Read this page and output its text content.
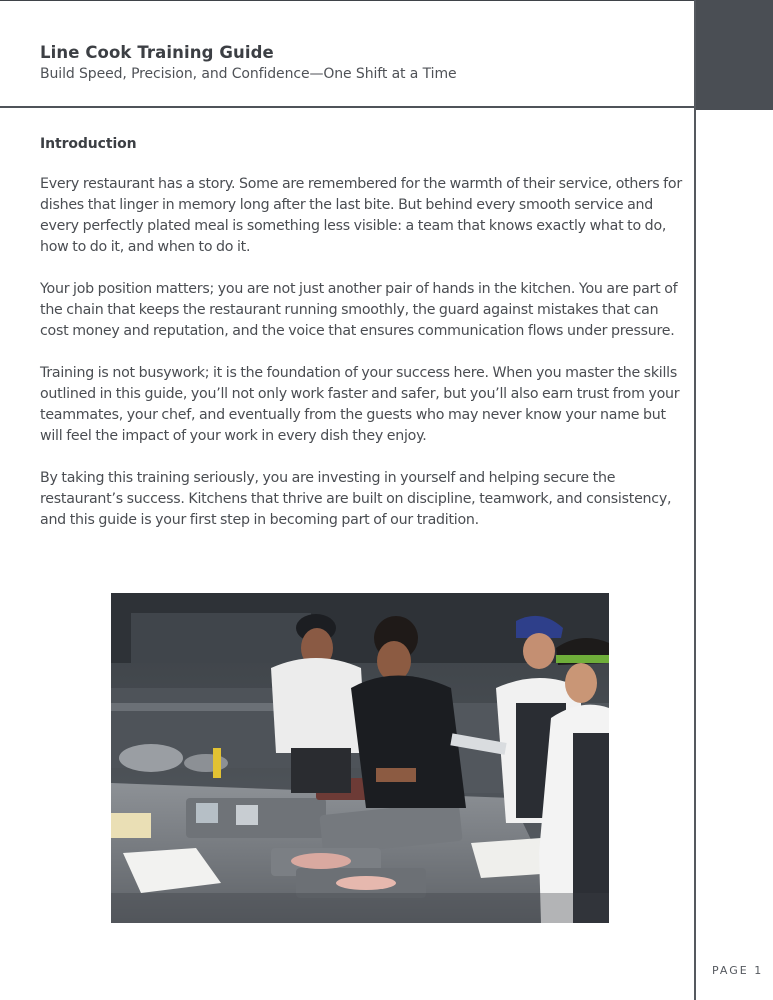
Line Cook Training Guide

Build Speed, Precision, and Confidence—One Shift at a Time

Introduction

Every restaurant has a story. Some are remembered for the warmth of their service, others for dishes that linger in memory long after the last bite. But behind every smooth service and every perfectly plated meal is something less visible: a team that knows exactly what to do, how to do it, and when to do it.

Your job position matters; you are not just another pair of hands in the kitchen. You are part of the chain that keeps the restaurant running smoothly, the guard against mistakes that can cost money and reputation, and the voice that ensures communication flows under pressure.

Training is not busywork; it is the foundation of your success here. When you master the skills outlined in this guide, you’ll not only work faster and safer, but you’ll also earn trust from your teammates, your chef, and eventually from the guests who may never know your name but will feel the impact of your work in every dish they enjoy.

By taking this training seriously, you are investing in yourself and helping secure the restaurant’s success. Kitchens that thrive are built on discipline, teamwork, and consistency, and this guide is your first step in becoming part of our tradition.

PAGE 1
